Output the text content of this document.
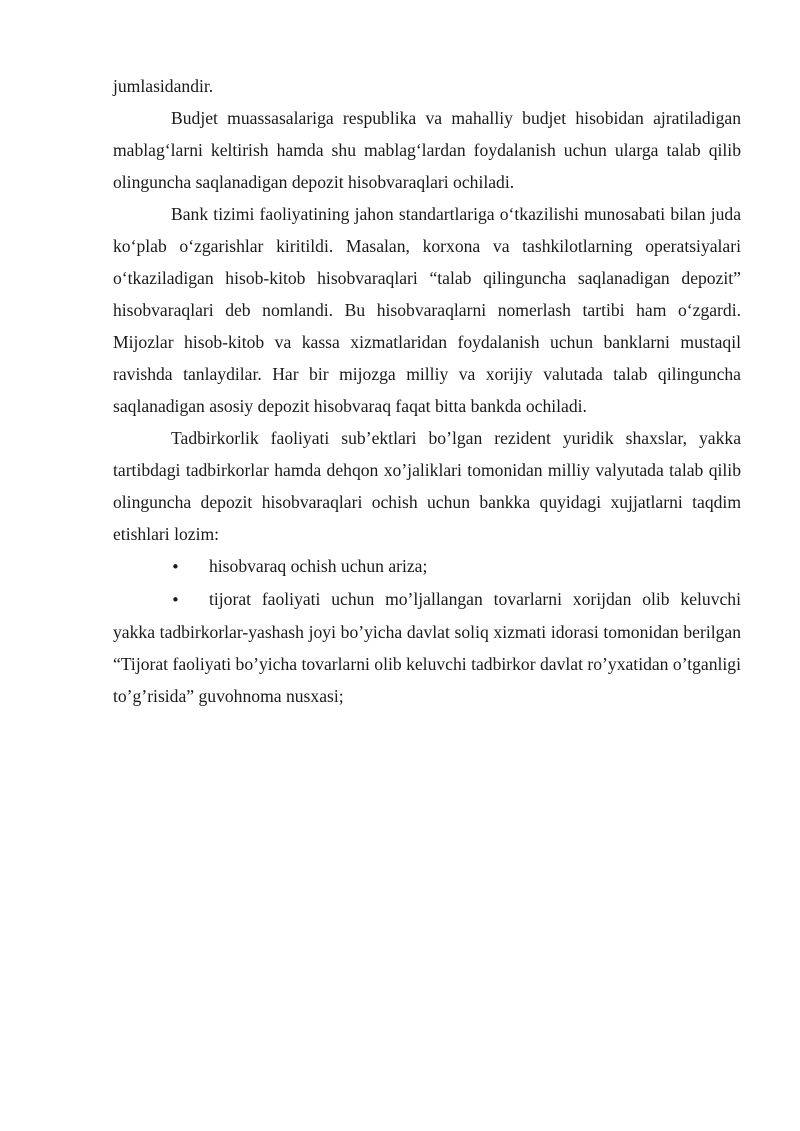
jumlasidandir.

Budjet muassasalariga respublika va mahalliy budjet hisobidan ajratiladigan mablag‘larni keltirish hamda shu mablag‘lardan foydalanish uchun ularga talab qilib olinguncha saqlanadigan depozit hisobvaraqlari ochiladi.

Bank tizimi faoliyatining jahon standartlariga o‘tkazilishi munosabati bilan juda ko‘plab o‘zgarishlar kiritildi. Masalan, korxona va tashkilotlarning operatsiyalari o‘tkaziladigan hisob-kitob hisobvaraqlari “talab qilinguncha saqlanadigan depozit” hisobvaraqlari deb nomlandi. Bu hisobvaraqlarni nomerlash tartibi ham o‘zgardi. Mijozlar hisob-kitob va kassa xizmatlaridan foydalanish uchun banklarni mustaqil ravishda tanlaydilar. Har bir mijozga milliy va xorijiy valutada talab qilinguncha saqlanadigan asosiy depozit hisobvaraq faqat bitta bankda ochiladi.

Tadbirkorlik faoliyati sub’ektlari bo’lgan rezident yuridik shaxslar, yakka tartibdagi tadbirkorlar hamda dehqon xo’jaliklari tomonidan milliy valyutada talab qilib olinguncha depozit hisobvaraqlari ochish uchun bankka quyidagi xujjatlarni taqdim etishlari lozim:

• hisobvaraq ochish uchun ariza;

• tijorat faoliyati uchun mo’ljallangan tovarlarni xorijdan olib keluvchi yakka tadbirkorlar-yashash joyi bo’yicha davlat soliq xizmati idorasi tomonidan berilgan “Tijorat faoliyati bo’yicha tovarlarni olib keluvchi tadbirkor davlat ro’yxatidan o’tganligi to’g’risida” guvohnoma nusxasi;
